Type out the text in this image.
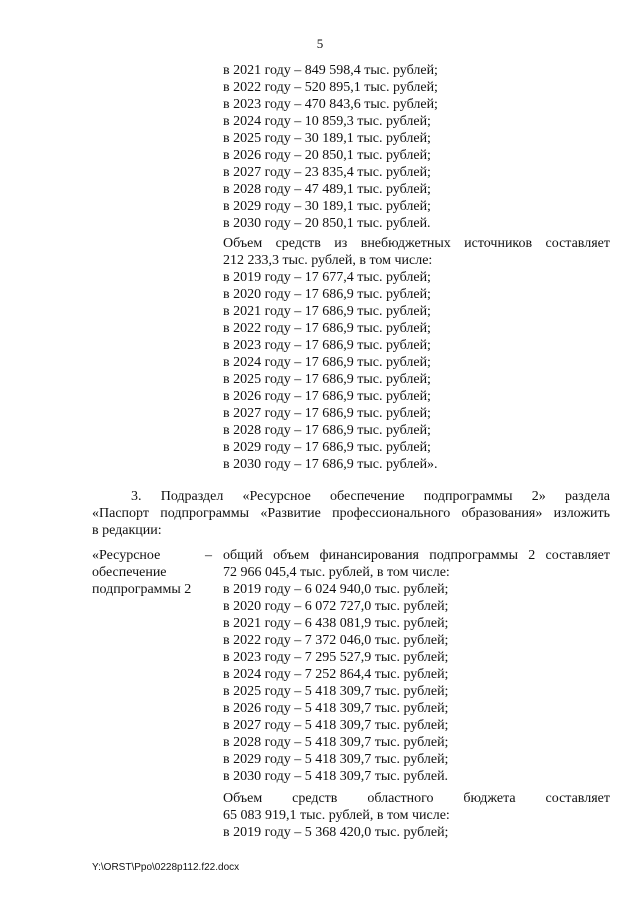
5
в 2021 году – 849 598,4 тыс. рублей;
в 2022 году – 520 895,1 тыс. рублей;
в 2023 году – 470 843,6 тыс. рублей;
в 2024 году – 10 859,3 тыс. рублей;
в 2025 году – 30 189,1 тыс. рублей;
в 2026 году – 20 850,1 тыс. рублей;
в 2027 году – 23 835,4 тыс. рублей;
в 2028 году – 47 489,1 тыс. рублей;
в 2029 году – 30 189,1 тыс. рублей;
в 2030 году – 20 850,1 тыс. рублей.
Объем средств из внебюджетных источников составляет
212 233,3 тыс. рублей, в том числе:
в 2019 году – 17 677,4 тыс. рублей;
в 2020 году – 17 686,9 тыс. рублей;
в 2021 году – 17 686,9 тыс. рублей;
в 2022 году – 17 686,9 тыс. рублей;
в 2023 году – 17 686,9 тыс. рублей;
в 2024 году – 17 686,9 тыс. рублей;
в 2025 году – 17 686,9 тыс. рублей;
в 2026 году – 17 686,9 тыс. рублей;
в 2027 году – 17 686,9 тыс. рублей;
в 2028 году – 17 686,9 тыс. рублей;
в 2029 году – 17 686,9 тыс. рублей;
в 2030 году – 17 686,9 тыс. рублей».
3. Подраздел «Ресурсное обеспечение подпрограммы 2» раздела
«Паспорт подпрограммы «Развитие профессионального образования» изложить
в редакции:
«Ресурсное
обеспечение
подпрограммы 2
– общий объем финансирования подпрограммы 2 составляет
72 966 045,4 тыс. рублей, в том числе:
в 2019 году – 6 024 940,0 тыс. рублей;
в 2020 году – 6 072 727,0 тыс. рублей;
в 2021 году – 6 438 081,9 тыс. рублей;
в 2022 году – 7 372 046,0 тыс. рублей;
в 2023 году – 7 295 527,9 тыс. рублей;
в 2024 году – 7 252 864,4 тыс. рублей;
в 2025 году – 5 418 309,7 тыс. рублей;
в 2026 году – 5 418 309,7 тыс. рублей;
в 2027 году – 5 418 309,7 тыс. рублей;
в 2028 году – 5 418 309,7 тыс. рублей;
в 2029 году – 5 418 309,7 тыс. рублей;
в 2030 году – 5 418 309,7 тыс. рублей.
Объем средств областного бюджета составляет
65 083 919,1 тыс. рублей, в том числе:
в 2019 году – 5 368 420,0 тыс. рублей;
Y:\ORST\Ppo\0228p112.f22.docx
